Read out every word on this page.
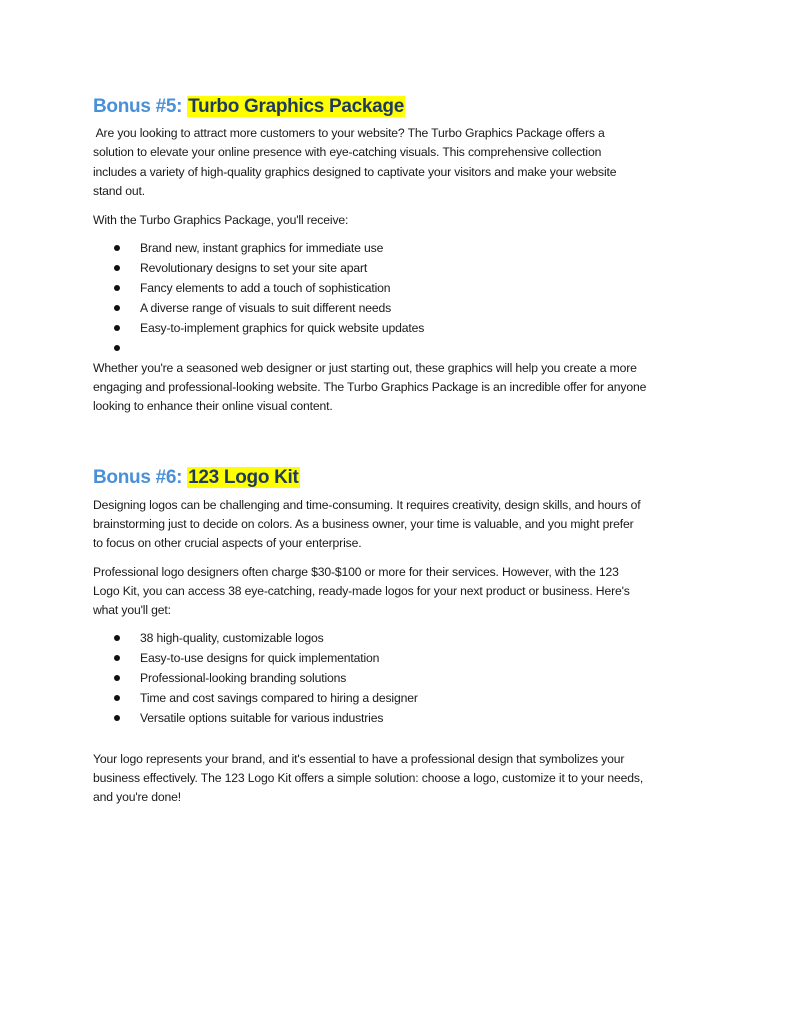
Bonus #5: Turbo Graphics Package
Are you looking to attract more customers to your website? The Turbo Graphics Package offers a
solution to elevate your online presence with eye-catching visuals. This comprehensive collection
includes a variety of high-quality graphics designed to captivate your visitors and make your website
stand out.
With the Turbo Graphics Package, you'll receive:
Brand new, instant graphics for immediate use
Revolutionary designs to set your site apart
Fancy elements to add a touch of sophistication
A diverse range of visuals to suit different needs
Easy-to-implement graphics for quick website updates
Whether you're a seasoned web designer or just starting out, these graphics will help you create a more
engaging and professional-looking website. The Turbo Graphics Package is an incredible offer for anyone
looking to enhance their online visual content.
Bonus #6: 123 Logo Kit
Designing logos can be challenging and time-consuming. It requires creativity, design skills, and hours of
brainstorming just to decide on colors. As a business owner, your time is valuable, and you might prefer
to focus on other crucial aspects of your enterprise.
Professional logo designers often charge $30-$100 or more for their services. However, with the 123
Logo Kit, you can access 38 eye-catching, ready-made logos for your next product or business. Here's
what you'll get:
38 high-quality, customizable logos
Easy-to-use designs for quick implementation
Professional-looking branding solutions
Time and cost savings compared to hiring a designer
Versatile options suitable for various industries
Your logo represents your brand, and it's essential to have a professional design that symbolizes your
business effectively. The 123 Logo Kit offers a simple solution: choose a logo, customize it to your needs,
and you're done!
